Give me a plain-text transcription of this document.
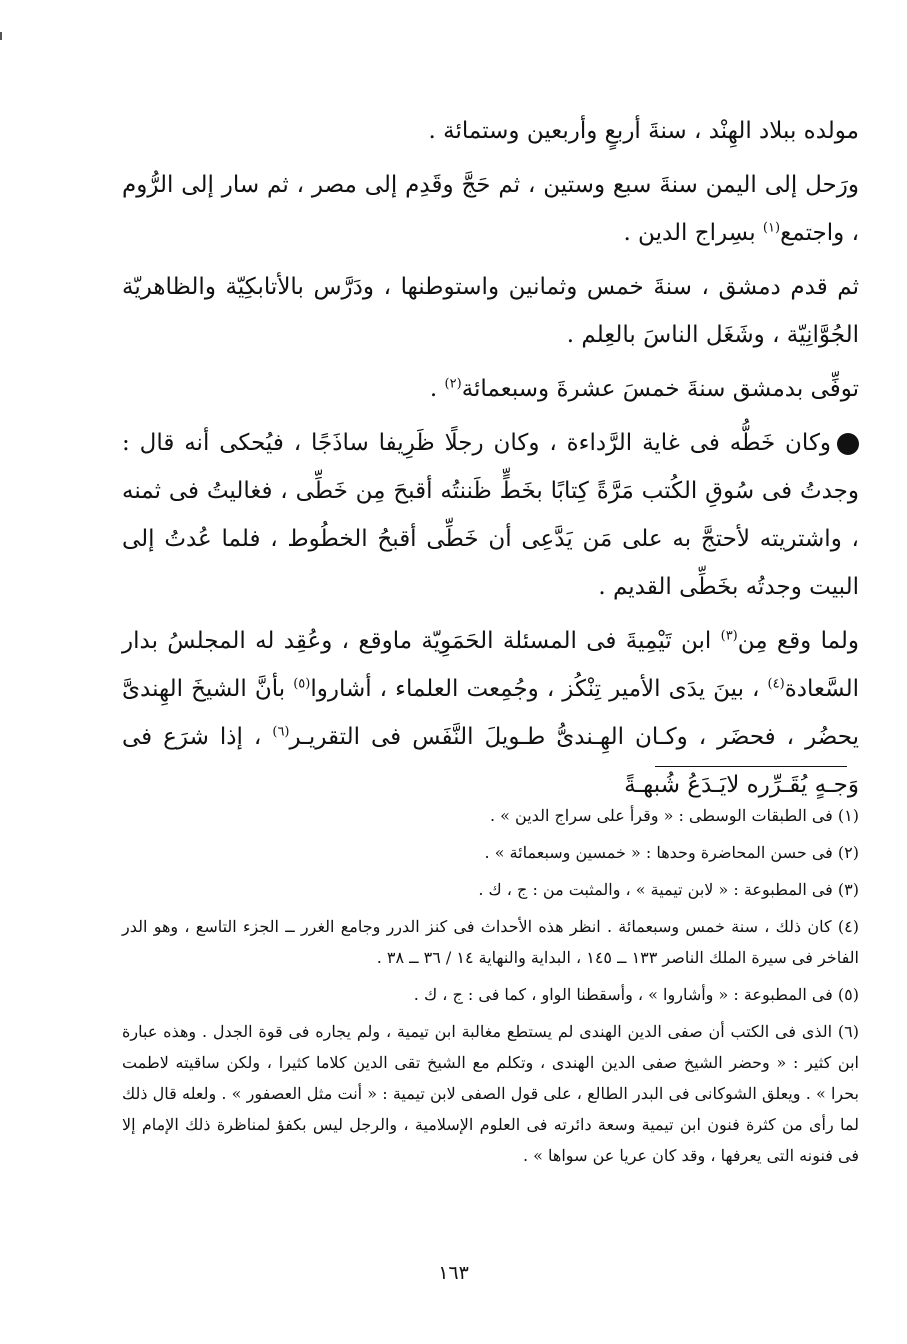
مولده ببلاد الهِنْد ، سنةَ أربعٍ وأربعين وستمائة .

ورَحل إلى اليمن سنةَ سبع وستين ، ثم حَجَّ وقَدِم إلى مصر ، ثم سار إلى الرُّوم ، واجتمع$^{(١)}$ بسِراج الدين .

ثم قدم دمشق ، سنةَ خمس وثمانين واستوطنها ، ودَرَّس بالأتابكِيّة والظاهريّة الجُوَّانِيّة ، وشَغَل الناسَ بالعِلم .

توفِّى بدمشق سنةَ خمسَ عشرةَ وسبعمائة$^{(٢)}$ .

وكان خَطُّه فى غاية الرَّداءة ، وكان رجلًا ظَرِيفا ساذَجًا ، فيُحكى أنه قال : وجدتُ فى سُوقِ الكُتب مَرَّةً كِتابًا بخَطٍّ ظَننتُه أقبحَ مِن خَطِّى ، فغاليتُ فى ثمنه ، واشتريته لأحتجَّ به على مَن يَدَّعِى أن خَطِّى أقبحُ الخطُوط ، فلما عُدتُ إلى البيت وجدتُه بخَطِّى القديم .

ولما وقع مِن$^{(٣)}$ ابن تَيْمِيةَ فى المسئلة الحَمَوِيّة ماوقع ، وعُقِد له المجلسُ بدار السَّعادة$^{(٤)}$ ، بينَ يدَى الأمير تِنْكُز ، وجُمِعت العلماء ، أشاروا$^{(٥)}$ بأنَّ الشيخَ الهِندىَّ يحضُر ، فحضَر ، وكـان الهِـندىُّ طـويلَ النَّفَس فى التقريـر$^{(٦)}$ ، إذا شرَع فى وَجـهٍ يُقَـرِّره لايَـدَعُ شُبهـةً

(١) فى الطبقات الوسطى : « وقرأ على سراج الدين » .

(٢) فى حسن المحاضرة وحدها : « خمسين وسبعمائة » .

(٣) فى المطبوعة : « لابن تيمية » ، والمثبت من : ج ، ك .

(٤) كان ذلك ، سنة خمس وسبعمائة . انظر هذه الأحداث فى كنز الدرر وجامع الغرر ــ الجزء التاسع ، وهو الدر الفاخر فى سيرة الملك الناصر ١٣٣ ــ ١٤٥ ، البداية والنهاية ١٤ / ٣٦ ــ ٣٨ .

(٥) فى المطبوعة : « وأشاروا » ، وأسقطنا الواو ، كما فى : ج ، ك .

(٦) الذى فى الكتب أن صفى الدين الهندى لم يستطع مغالبة ابن تيمية ، ولم يجاره فى قوة الجدل . وهذه عبارة ابن كثير : « وحضر الشيخ صفى الدين الهندى ، وتكلم مع الشيخ تقى الدين كلاما كثيرا ، ولكن ساقيته لاطمت بحرا » . ويعلق الشوكانى فى البدر الطالع ، على قول الصفى لابن تيمية : « أنت مثل العصفور » . ولعله قال ذلك لما رأى من كثرة فنون ابن تيمية وسعة دائرته فى العلوم الإسلامية ، والرجل ليس بكفؤ لمناظرة ذلك الإمام إلا فى فنونه التى يعرفها ، وقد كان عريا عن سواها » .

١٦٣
